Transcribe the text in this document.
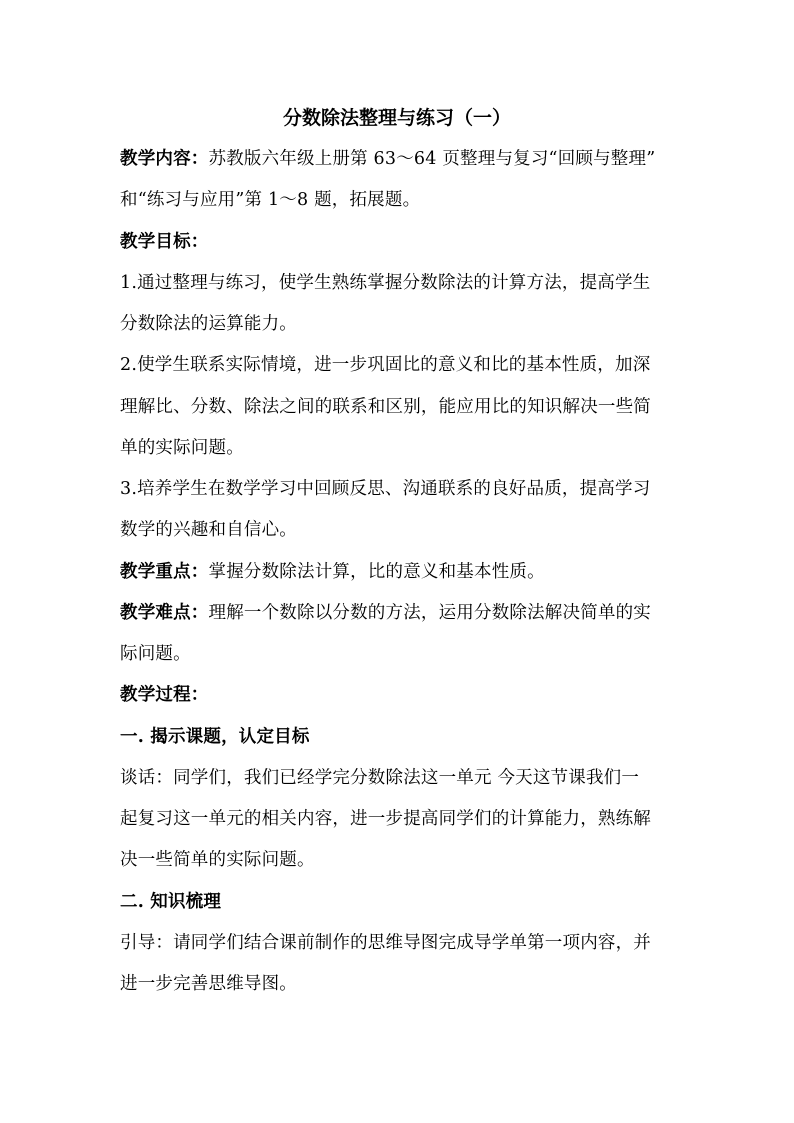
分数除法整理与练习（一）
教学内容：苏教版六年级上册第 63～64 页整理与复习“回顾与整理”
和“练习与应用”第 1～8 题，拓展题。
教学目标：
1.通过整理与练习，使学生熟练掌握分数除法的计算方法，提高学生
分数除法的运算能力。
2.使学生联系实际情境，进一步巩固比的意义和比的基本性质，加深
理解比、分数、除法之间的联系和区别，能应用比的知识解决一些简
单的实际问题。
3.培养学生在数学学习中回顾反思、沟通联系的良好品质，提高学习
数学的兴趣和自信心。
教学重点：掌握分数除法计算，比的意义和基本性质。
教学难点：理解一个数除以分数的方法，运用分数除法解决简单的实
际问题。
教学过程：
一. 揭示课题，认定目标
谈话：同学们，我们已经学完分数除法这一单元 今天这节课我们一
起复习这一单元的相关内容，进一步提高同学们的计算能力，熟练解
决一些简单的实际问题。
二. 知识梳理
引导：请同学们结合课前制作的思维导图完成导学单第一项内容，并
进一步完善思维导图。
